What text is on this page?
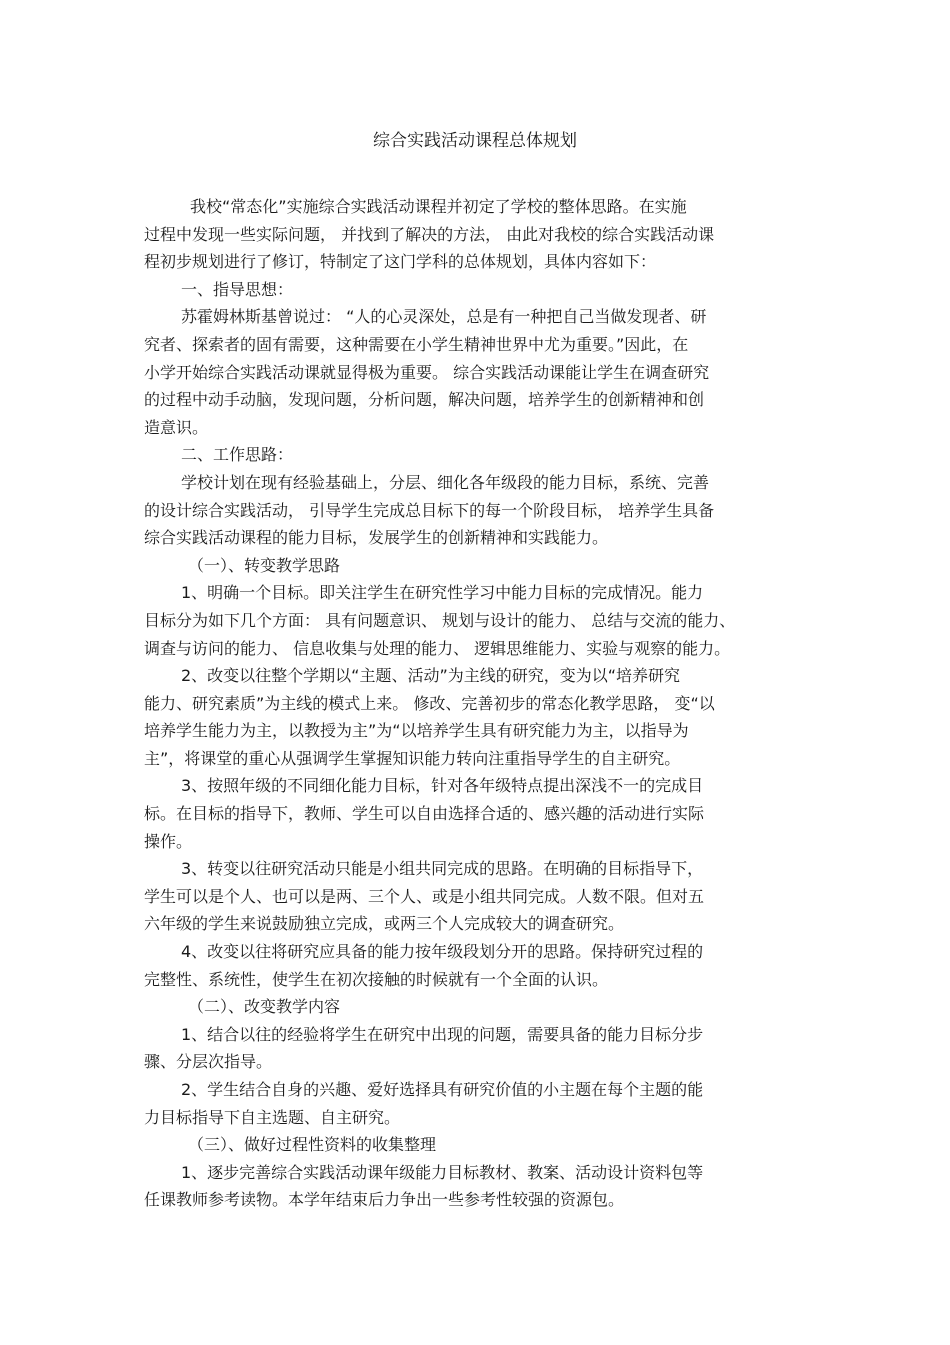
综合实践活动课程总体规划
我校“常态化”实施综合实践活动课程并初定了学校的整体思路。在实施
过程中发现一些实际问题， 并找到了解决的方法， 由此对我校的综合实践活动课
程初步规划进行了修订，特制定了这门学科的总体规划，具体内容如下：
一、指导思想：
苏霍姆林斯基曾说过： “人的心灵深处，总是有一种把自己当做发现者、研
究者、探索者的固有需要，这种需要在小学生精神世界中尤为重要。”因此，在
小学开始综合实践活动课就显得极为重要。 综合实践活动课能让学生在调查研究
的过程中动手动脑，发现问题，分析问题，解决问题，培养学生的创新精神和创
造意识。
二、工作思路：
学校计划在现有经验基础上，分层、细化各年级段的能力目标，系统、完善
的设计综合实践活动， 引导学生完成总目标下的每一个阶段目标， 培养学生具备
综合实践活动课程的能力目标，发展学生的创新精神和实践能力。
（一）、转变教学思路
1、明确一个目标。即关注学生在研究性学习中能力目标的完成情况。能力
目标分为如下几个方面： 具有问题意识、 规划与设计的能力、 总结与交流的能力、
调查与访问的能力、 信息收集与处理的能力、 逻辑思维能力、实验与观察的能力。
2、改变以往整个学期以“主题、活动”为主线的研究，变为以“培养研究
能力、研究素质”为主线的模式上来。 修改、完善初步的常态化教学思路， 变“以
培养学生能力为主，以教授为主”为“以培养学生具有研究能力为主，以指导为
主”，将课堂的重心从强调学生掌握知识能力转向注重指导学生的自主研究。
3、按照年级的不同细化能力目标，针对各年级特点提出深浅不一的完成目
标。在目标的指导下，教师、学生可以自由选择合适的、感兴趣的活动进行实际
操作。
3、转变以往研究活动只能是小组共同完成的思路。在明确的目标指导下，
学生可以是个人、也可以是两、三个人、或是小组共同完成。人数不限。但对五
六年级的学生来说鼓励独立完成，或两三个人完成较大的调查研究。
4、改变以往将研究应具备的能力按年级段划分开的思路。保持研究过程的
完整性、系统性，使学生在初次接触的时候就有一个全面的认识。
（二）、改变教学内容
1、结合以往的经验将学生在研究中出现的问题，需要具备的能力目标分步
骤、分层次指导。
2、学生结合自身的兴趣、爱好选择具有研究价值的小主题在每个主题的能
力目标指导下自主选题、自主研究。
（三）、做好过程性资料的收集整理
1、逐步完善综合实践活动课年级能力目标教材、教案、活动设计资料包等
任课教师参考读物。本学年结束后力争出一些参考性较强的资源包。
